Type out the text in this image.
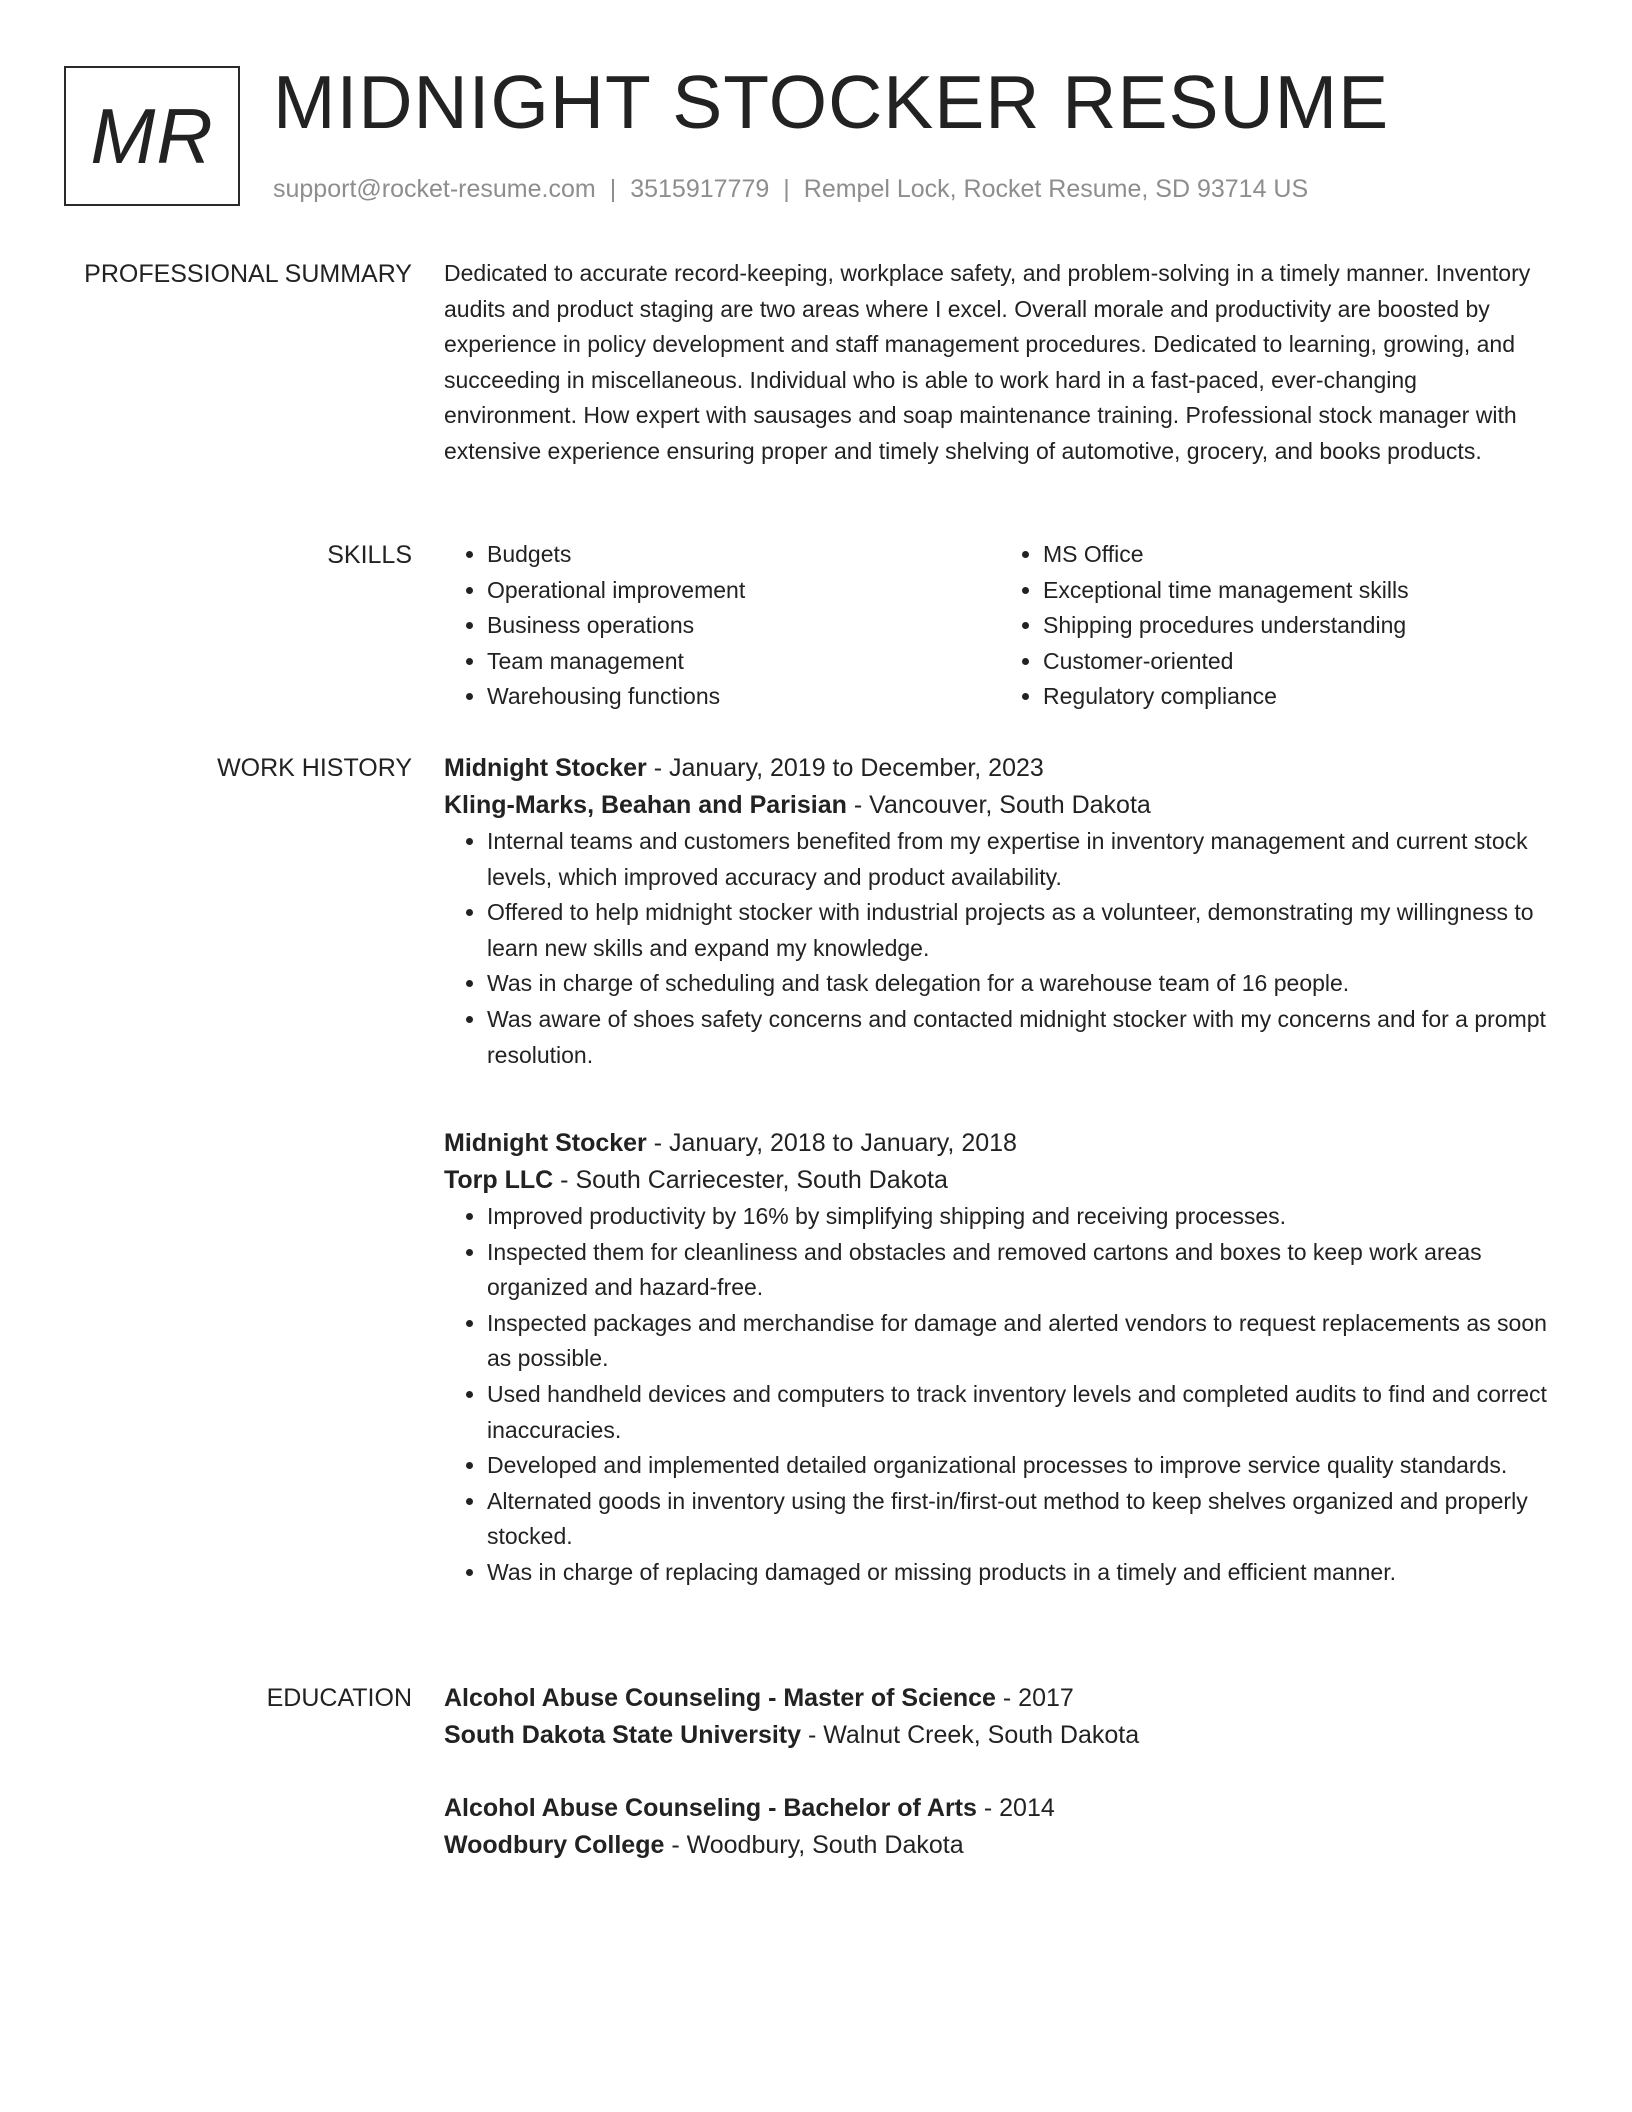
MR MIDNIGHT STOCKER RESUME
support@rocket-resume.com | 3515917779 | Rempel Lock, Rocket Resume, SD 93714 US
PROFESSIONAL SUMMARY Dedicated to accurate record-keeping, workplace safety, and problem-solving in a timely manner. Inventory audits and product staging are two areas where I excel. Overall morale and productivity are boosted by experience in policy development and staff management procedures. Dedicated to learning, growing, and succeeding in miscellaneous. Individual who is able to work hard in a fast-paced, ever-changing environment. How expert with sausages and soap maintenance training. Professional stock manager with extensive experience ensuring proper and timely shelving of automotive, grocery, and books products.

SKILLS
•	Budgets
• Operational improvement
• Business operations
• Team management
• Warehousing functions
• MS Office
• Exceptional time management skills
• Shipping procedures understanding
• Customer-oriented
• Regulatory compliance
WORK HISTORY Midnight Stocker - January, 2019 to December, 2023
Kling-Marks, Beahan and Parisian - Vancouver, South Dakota
• Internal teams and customers benefited from my expertise in inventory management and current stock levels, which improved accuracy and product availability.
• Offered to help midnight stocker with industrial projects as a volunteer, demonstrating my willingness to learn new skills and expand my knowledge.
• Was in charge of scheduling and task delegation for a warehouse team of 16 people.
• Was aware of shoes safety concerns and contacted midnight stocker with my concerns and for a prompt resolution.
Midnight Stocker - January, 2018 to January, 2018
Torp LLC - South Carriecester, South Dakota
• Improved productivity by 16% by simplifying shipping and receiving processes.
• Inspected them for cleanliness and obstacles and removed cartons and boxes to keep work areas organized and hazard-free.
• Inspected packages and merchandise for damage and alerted vendors to request replacements as soon as possible.
• Used handheld devices and computers to track inventory levels and completed audits to find and correct inaccuracies.
• Developed and implemented detailed organizational processes to improve service quality standards.
• Alternated goods in inventory using the first-in/first-out method to keep shelves organized and properly stocked.
• Was in charge of replacing damaged or missing products in a timely and efficient manner.
EDUCATION Alcohol Abuse Counseling - Master of Science - 2017
South Dakota State University - Walnut Creek, South Dakota
Alcohol Abuse Counseling - Bachelor of Arts - 2014
Woodbury College - Woodbury, South Dakota
